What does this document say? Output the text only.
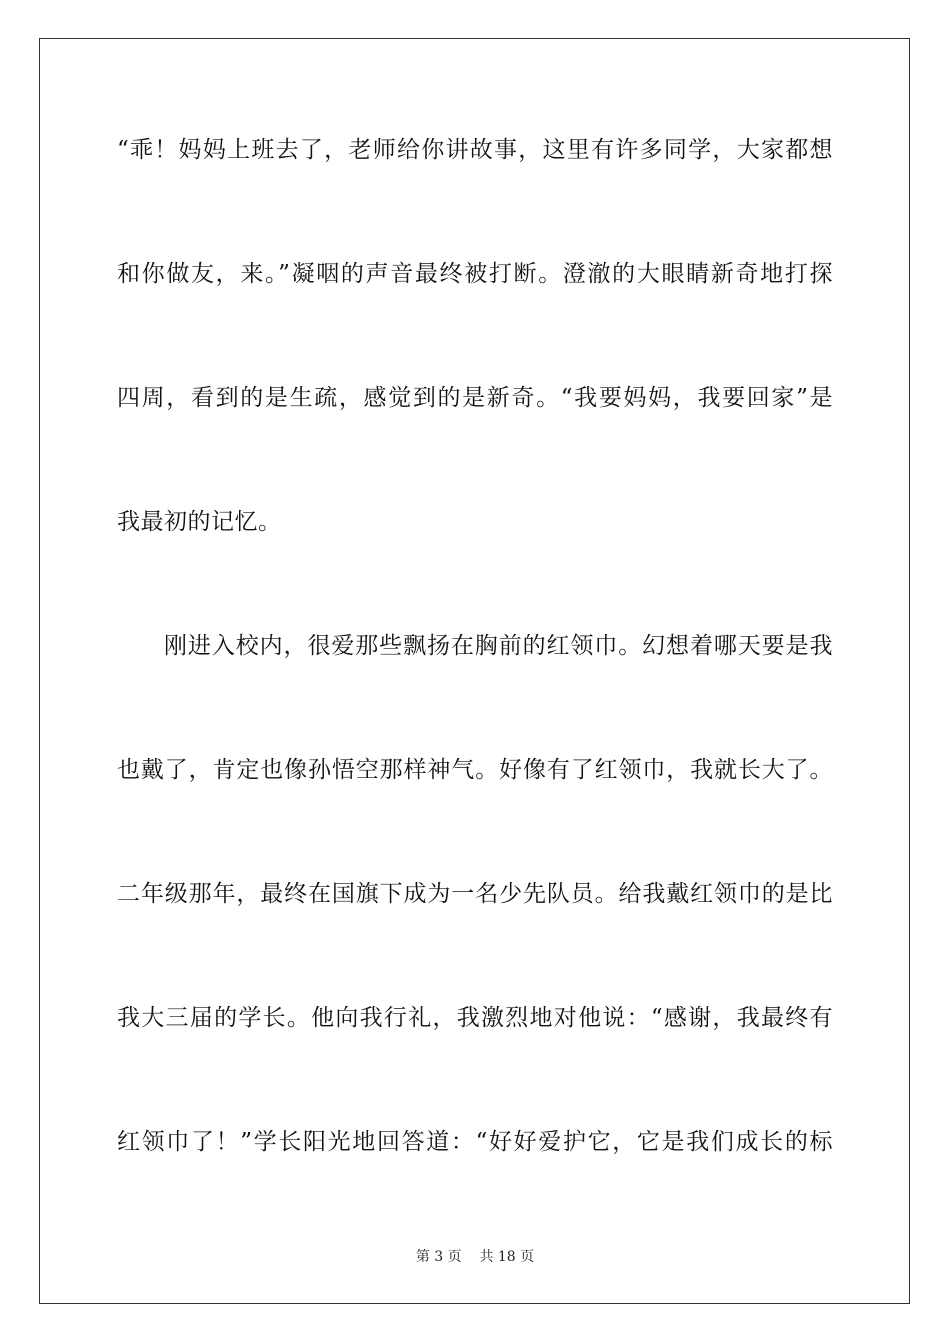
“乖！妈妈上班去了，老师给你讲故事，这里有许多同学，大家都想
和你做友，来。”凝咽的声音最终被打断。澄澈的大眼睛新奇地打探
四周，看到的是生疏，感觉到的是新奇。“我要妈妈，我要回家”是
我最初的记忆。
刚进入校内，很爱那些飘扬在胸前的红领巾。幻想着哪天要是我
也戴了，肯定也像孙悟空那样神气。好像有了红领巾，我就长大了。
二年级那年，最终在国旗下成为一名少先队员。给我戴红领巾的是比
我大三届的学长。他向我行礼，我激烈地对他说：“感谢，我最终有
红领巾了！”学长阳光地回答道：“好好爱护它，它是我们成长的标
第 3 页 共 18 页
